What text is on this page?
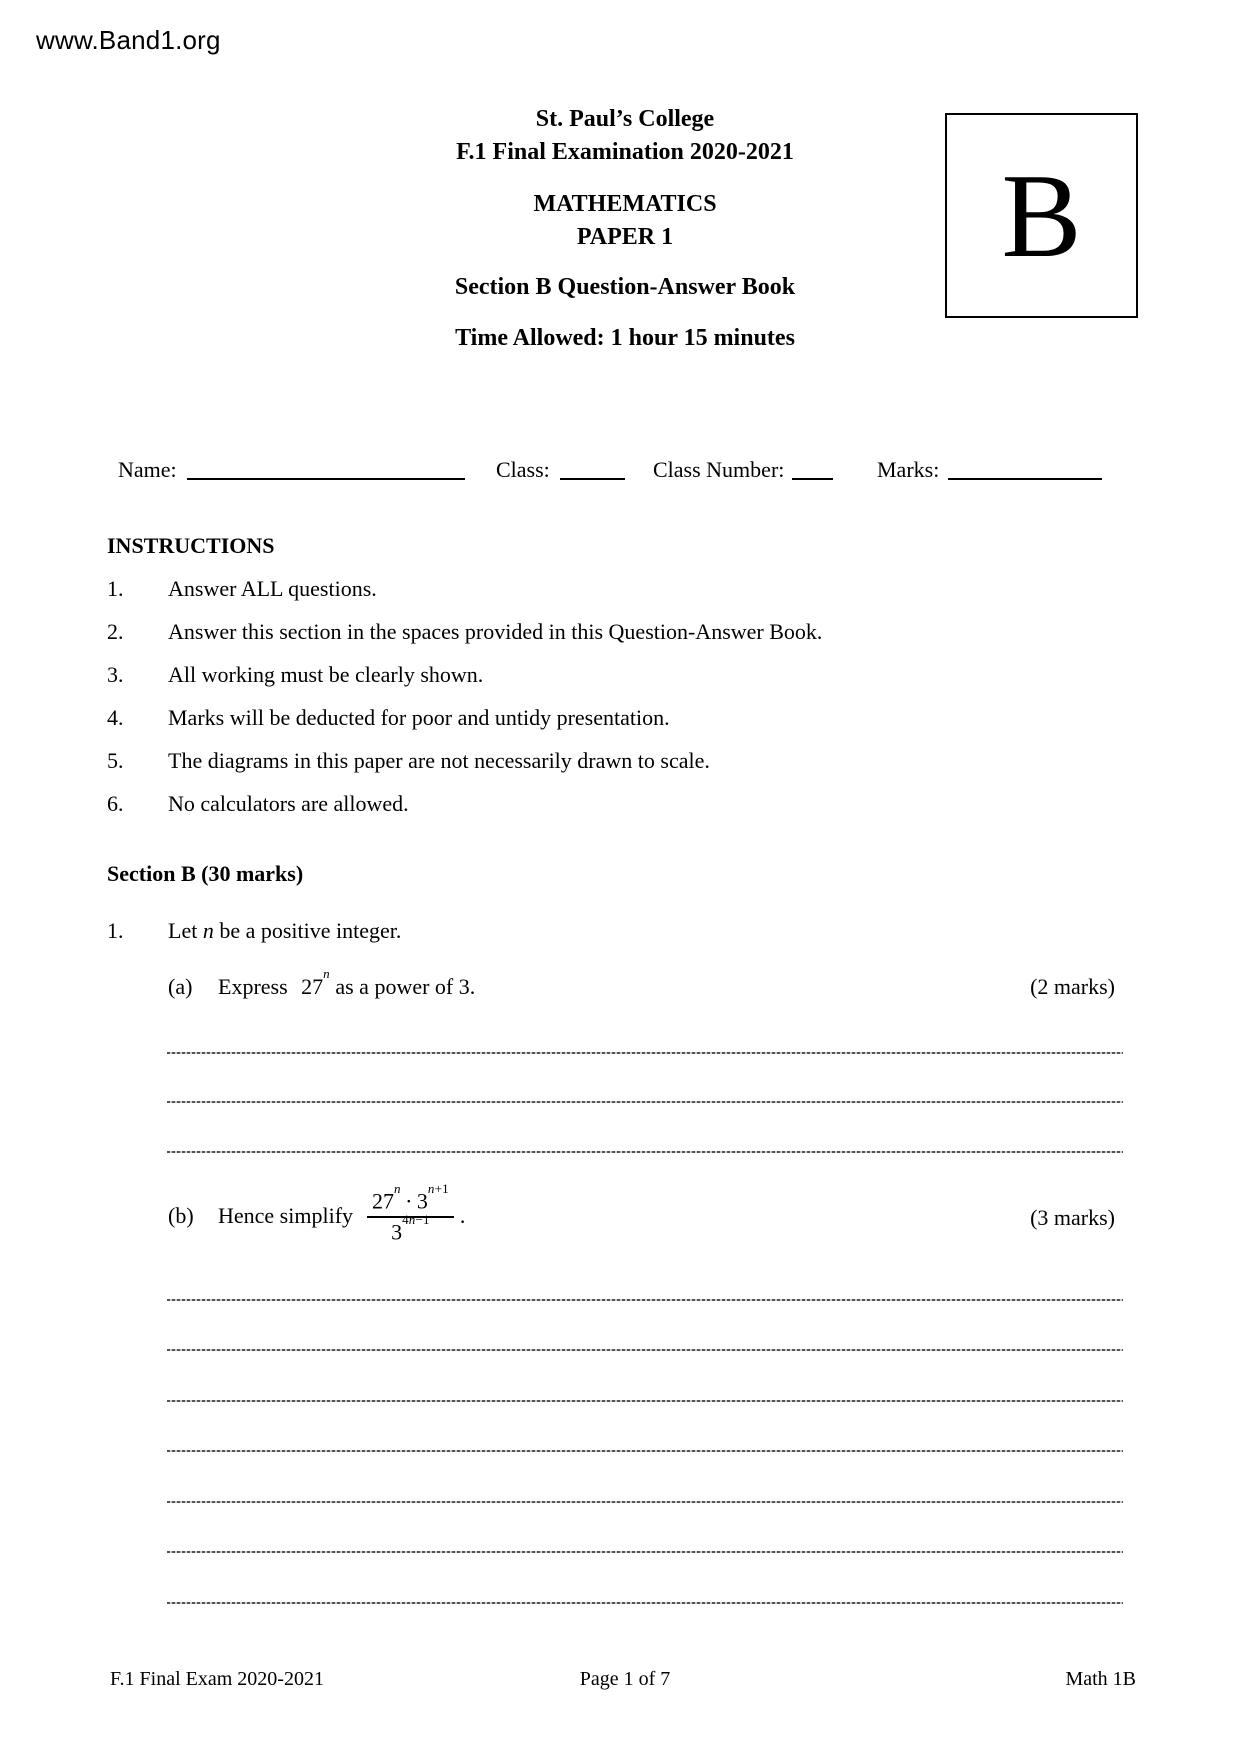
www.Band1.org
St. Paul’s College
F.1 Final Examination 2020-2021
MATHEMATICS
PAPER 1
Section B Question-Answer Book
Time Allowed: 1 hour 15 minutes
B
Name:	Class:	Class Number:	Marks:
INSTRUCTIONS
1. Answer ALL questions.
2. Answer this section in the spaces provided in this Question-Answer Book.
3. All working must be clearly shown.
4. Marks will be deducted for poor and untidy presentation.
5. The diagrams in this paper are not necessarily drawn to scale.
6. No calculators are allowed.
Section B (30 marks)
1. Let n be a positive integer.
(a) Express 27$^n$ as a power of 3.	(2 marks)
(b)	Hence simplify $\frac{27^n \cdot 3^{n+1}}{3^{4n-1}}$ .	(3 marks)
F.1 Final Exam 2020-2021	Page 1 of 7	Math 1B
